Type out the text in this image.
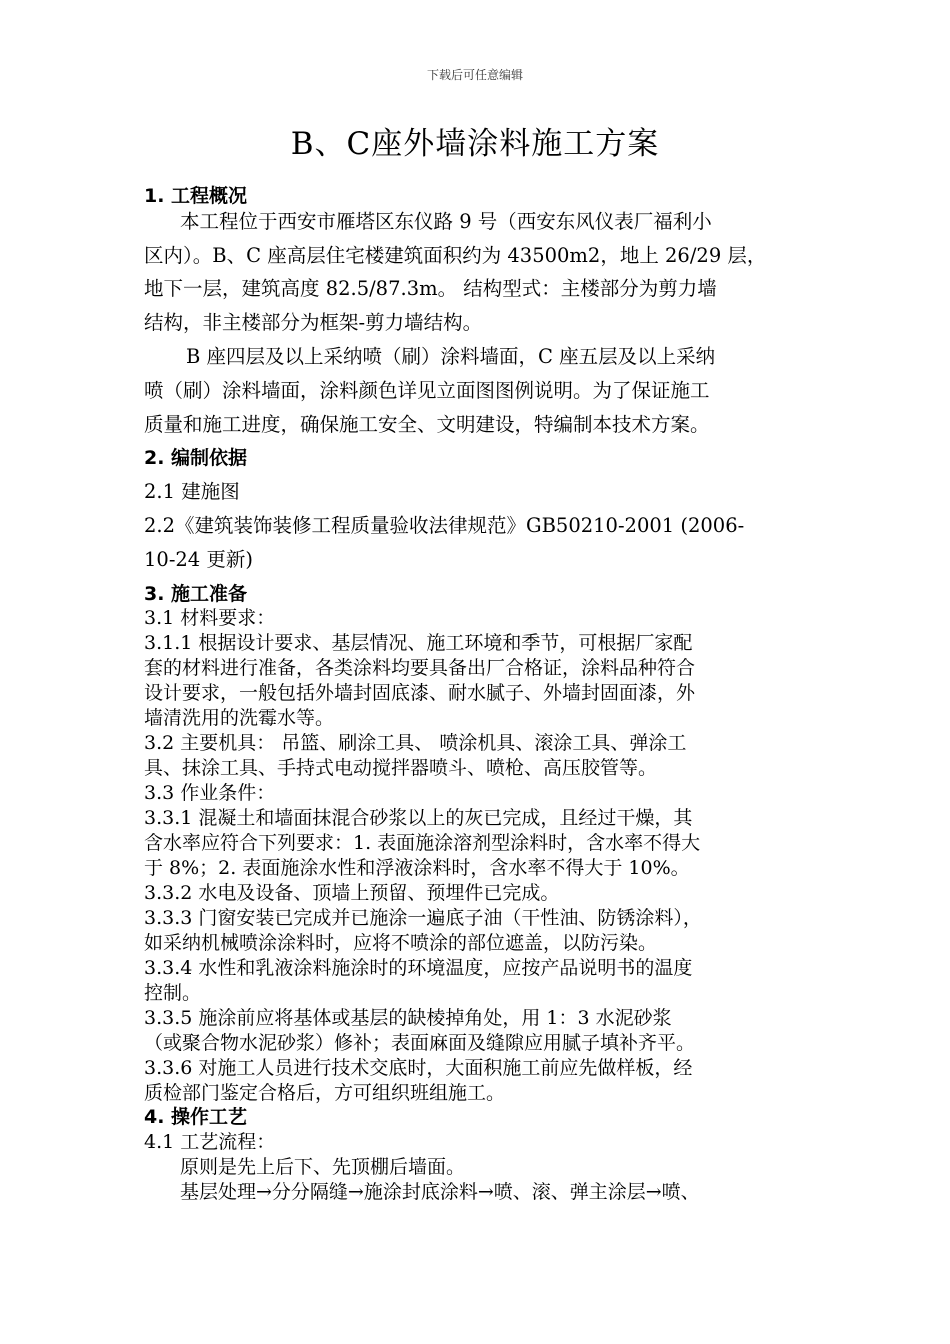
下载后可任意编辑
B、C座外墙涂料施工方案
1. 工程概况
本工程位于西安市雁塔区东仪路 9 号（西安东风仪表厂福利小
区内）。B、C 座高层住宅楼建筑面积约为 43500m2，地上 26/29 层，
地下一层，建筑高度 82.5/87.3m。 结构型式：主楼部分为剪力墙
结构，非主楼部分为框架-剪力墙结构。
B 座四层及以上采纳喷（刷）涂料墙面，C 座五层及以上采纳
喷（刷）涂料墙面，涂料颜色详见立面图图例说明。为了保证施工
质量和施工进度，确保施工安全、文明建设，特编制本技术方案。
2. 编制依据
2.1 建施图
2.2《建筑装饰装修工程质量验收法律规范》GB50210-2001 (2006-
10-24 更新)
3. 施工准备
3.1 材料要求：
3.1.1 根据设计要求、基层情况、施工环境和季节，可根据厂家配
套的材料进行准备，各类涂料均要具备出厂合格证，涂料品种符合
设计要求，一般包括外墙封固底漆、耐水腻子、外墙封固面漆，外
墙清洗用的洗霉水等。
3.2 主要机具： 吊篮、刷涂工具、 喷涂机具、滚涂工具、弹涂工
具、抹涂工具、手持式电动搅拌器喷斗、喷枪、高压胶管等。
3.3 作业条件：
3.3.1 混凝土和墙面抹混合砂浆以上的灰已完成，且经过干燥，其
含水率应符合下列要求：1. 表面施涂溶剂型涂料时，含水率不得大
于 8%；2. 表面施涂水性和浮液涂料时，含水率不得大于 10%。
3.3.2 水电及设备、顶墙上预留、预埋件已完成。
3.3.3 门窗安装已完成并已施涂一遍底子油（干性油、防锈涂料），
如采纳机械喷涂涂料时，应将不喷涂的部位遮盖，以防污染。
3.3.4 水性和乳液涂料施涂时的环境温度，应按产品说明书的温度
控制。
3.3.5 施涂前应将基体或基层的缺棱掉角处，用 1：3 水泥砂浆
（或聚合物水泥砂浆）修补；表面麻面及缝隙应用腻子填补齐平。
3.3.6 对施工人员进行技术交底时，大面积施工前应先做样板，经
质检部门鉴定合格后，方可组织班组施工。
4. 操作工艺
4.1 工艺流程：
原则是先上后下、先顶棚后墙面。
基层处理→分分隔缝→施涂封底涂料→喷、滚、弹主涂层→喷、
